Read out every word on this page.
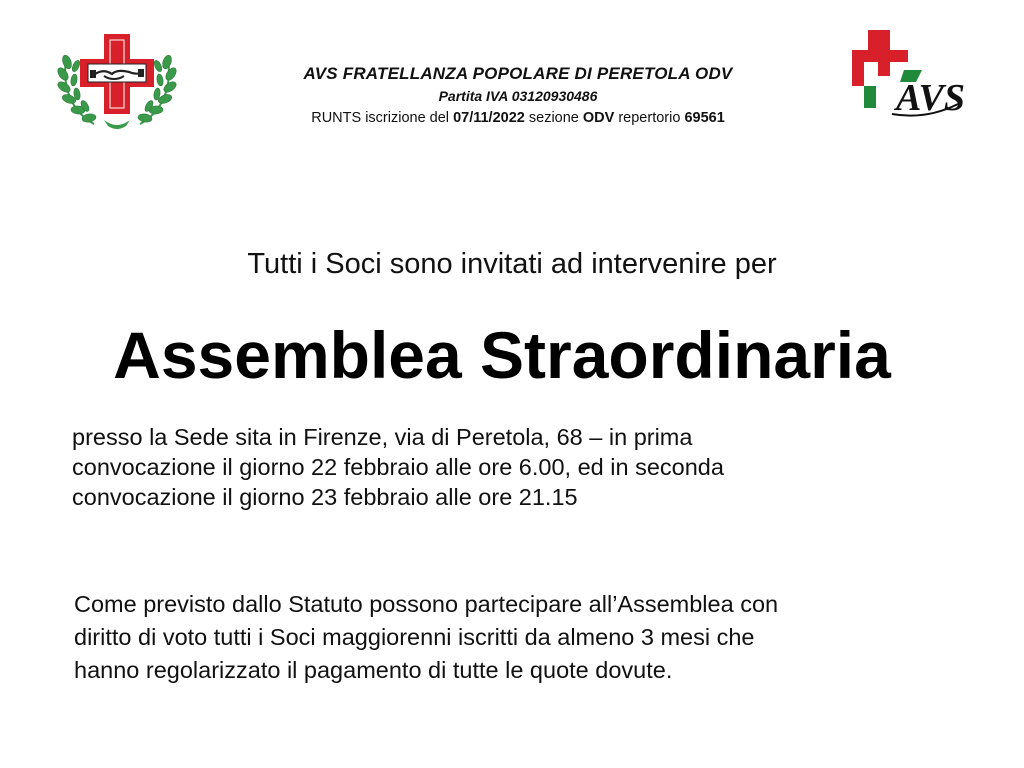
AVS FRATELLANZA POPOLARE DI PERETOLA ODV
Partita IVA 03120930486
RUNTS iscrizione del 07/11/2022 sezione ODV repertorio 69561	AVS
Tutti i Soci sono invitati ad intervenire per
Assemblea Straordinaria
presso la Sede sita in Firenze, via di Peretola, 68 – in prima
convocazione il giorno 22 febbraio alle ore 6.00, ed in seconda
convocazione il giorno 23 febbraio alle ore 21.15
Come previsto dallo Statuto possono partecipare all’Assemblea con
diritto di voto tutti i Soci maggiorenni iscritti da almeno 3 mesi che
hanno regolarizzato il pagamento di tutte le quote dovute.
